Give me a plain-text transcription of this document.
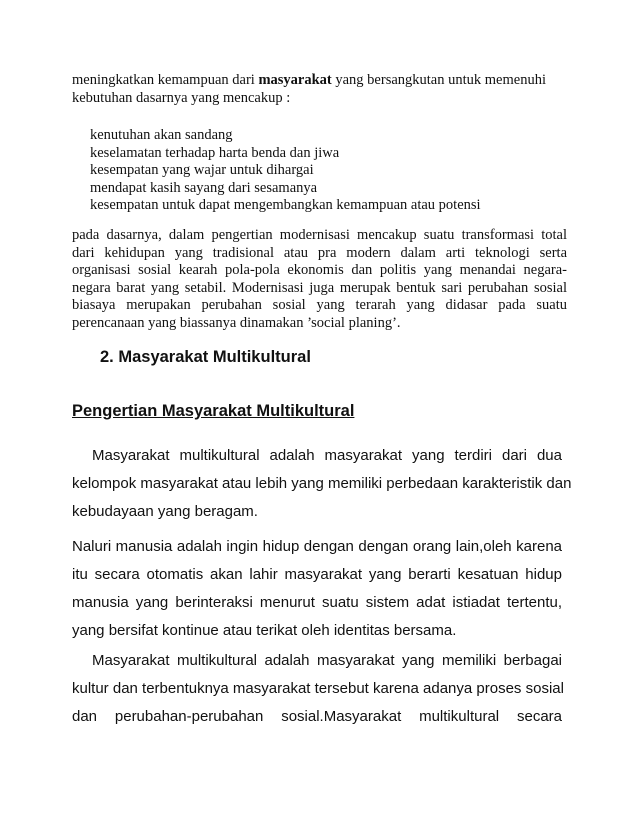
meningkatkan kemampuan dari masyarakat yang bersangkutan untuk memenuhi

kebutuhan dasarnya yang mencakup :

kenutuhan akan sandang
keselamatan terhadap harta benda dan jiwa
kesempatan yang wajar untuk dihargai
mendapat kasih sayang dari sesamanya
kesempatan untuk dapat mengembangkan kemampuan atau potensi
pada dasarnya, dalam pengertian modernisasi mencakup suatu transformasi total
dari kehidupan yang tradisional atau pra modern dalam arti teknologi serta
organisasi sosial kearah pola-pola ekonomis dan politis yang menandai negara-
negara barat yang setabil. Modernisasi juga merupak bentuk sari perubahan sosial
biasaya merupakan perubahan sosial yang terarah yang didasar pada suatu
perencanaan yang biassanya dinamakan ’social planing’.
2. Masyarakat Multikultural
Pengertian Masyarakat Multikultural
Masyarakat multikultural adalah masyarakat yang terdiri dari dua
kelompok masyarakat atau lebih yang memiliki perbedaan karakteristik dan
kebudayaan yang beragam.
Naluri manusia adalah ingin hidup dengan dengan orang lain,oleh karena
itu secara otomatis akan lahir masyarakat yang berarti kesatuan hidup
manusia yang berinteraksi menurut suatu sistem adat istiadat tertentu,
yang bersifat kontinue atau terikat oleh identitas bersama.
Masyarakat multikultural adalah masyarakat yang memiliki berbagai
kultur dan terbentuknya masyarakat tersebut karena adanya proses sosial
dan perubahan-perubahan sosial.Masyarakat multikultural secara
